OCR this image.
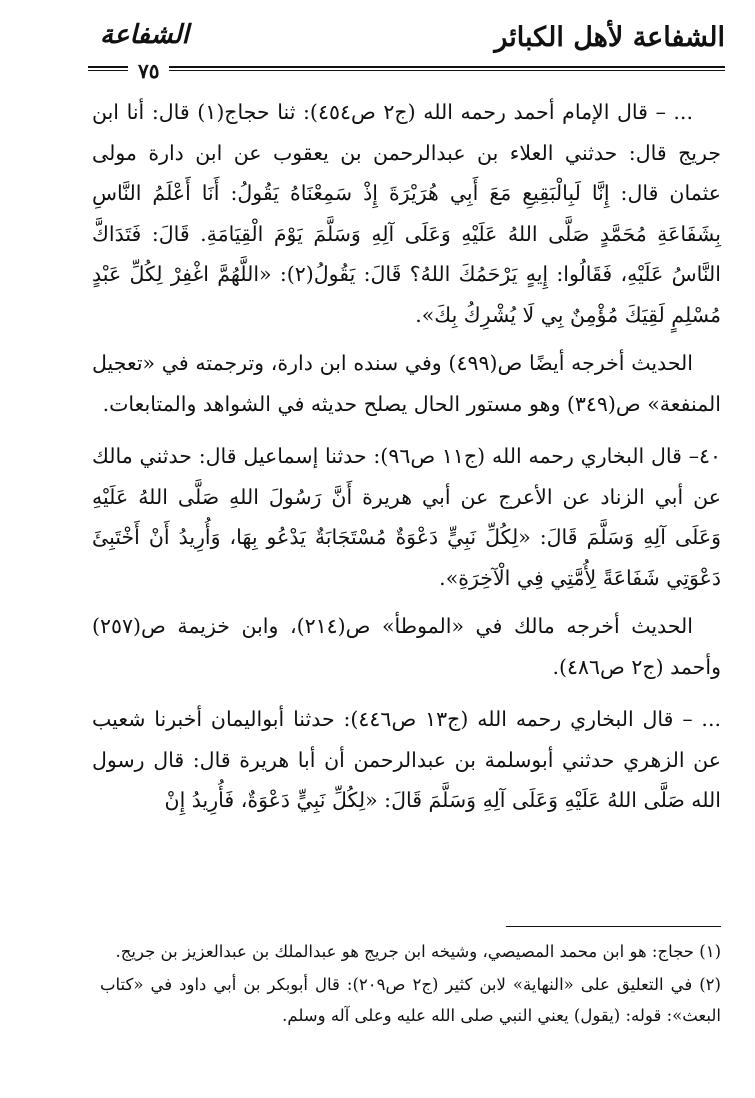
الشفاعة لأهل الكبائر
الشفاعة
٧٥

... – قال الإمام أحمد رحمه الله (ج٢ ص٤٥٤): ثنا حجاج(١) قال: أنا ابن جريج قال: حدثني العلاء بن عبدالرحمن بن يعقوب عن ابن دارة مولى عثمان قال: إِنَّا لَبِالْبَقِيعِ مَعَ أَبِي هُرَيْرَةَ إِذْ سَمِعْنَاهُ يَقُولُ: أَنَا أَعْلَمُ النَّاسِ بِشَفَاعَةِ مُحَمَّدٍ صَلَّى اللهُ عَلَيْهِ وَعَلَى آلِهِ وَسَلَّمَ يَوْمَ الْقِيَامَةِ. قَالَ: فَتَدَاكَّ النَّاسُ عَلَيْهِ، فَقَالُوا: إِيهٍ يَرْحَمُكَ اللهُ؟ قَالَ: يَقُولُ(٢): «اللَّهُمَّ اغْفِرْ لِكُلِّ عَبْدٍ مُسْلِمٍ لَقِيَكَ مُؤْمِنٌ بِي لَا يُشْرِكُ بِكَ».

الحديث أخرجه أيضًا ص(٤٩٩) وفي سنده ابن دارة، وترجمته في «تعجيل المنفعة» ص(٣٤٩) وهو مستور الحال يصلح حديثه في الشواهد والمتابعات.

٤٠– قال البخاري رحمه الله (ج١١ ص٩٦): حدثنا إسماعيل قال: حدثني مالك عن أبي الزناد عن الأعرج عن أبي هريرة أَنَّ رَسُولَ اللهِ صَلَّى اللهُ عَلَيْهِ وَعَلَى آلِهِ وَسَلَّمَ قَالَ: «لِكُلِّ نَبِيٍّ دَعْوَةٌ مُسْتَجَابَةٌ يَدْعُو بِهَا، وَأُرِيدُ أَنْ أَخْتَبِئَ دَعْوَتِي شَفَاعَةً لِأُمَّتِي فِي الْآخِرَةِ».

الحديث أخرجه مالك في «الموطأ» ص(٢١٤)، وابن خزيمة ص(٢٥٧) وأحمد (ج٢ ص٤٨٦).

... – قال البخاري رحمه الله (ج١٣ ص٤٤٦): حدثنا أبواليمان أخبرنا شعيب عن الزهري حدثني أبوسلمة بن عبدالرحمن أن أبا هريرة قال: قال رسول الله صَلَّى اللهُ عَلَيْهِ وَعَلَى آلِهِ وَسَلَّمَ قَالَ: «لِكُلِّ نَبِيٍّ دَعْوَةٌ، فَأُرِيدُ إِنْ

(١) حجاج: هو ابن محمد المصيصي، وشيخه ابن جريج هو عبدالملك بن عبدالعزيز بن جريج.

(٢) في التعليق على «النهاية» لابن كثير (ج٢ ص٢٠٩): قال أبوبكر بن أبي داود في «كتاب البعث»: قوله: (يقول) يعني النبي صلى الله عليه وعلى آله وسلم.
